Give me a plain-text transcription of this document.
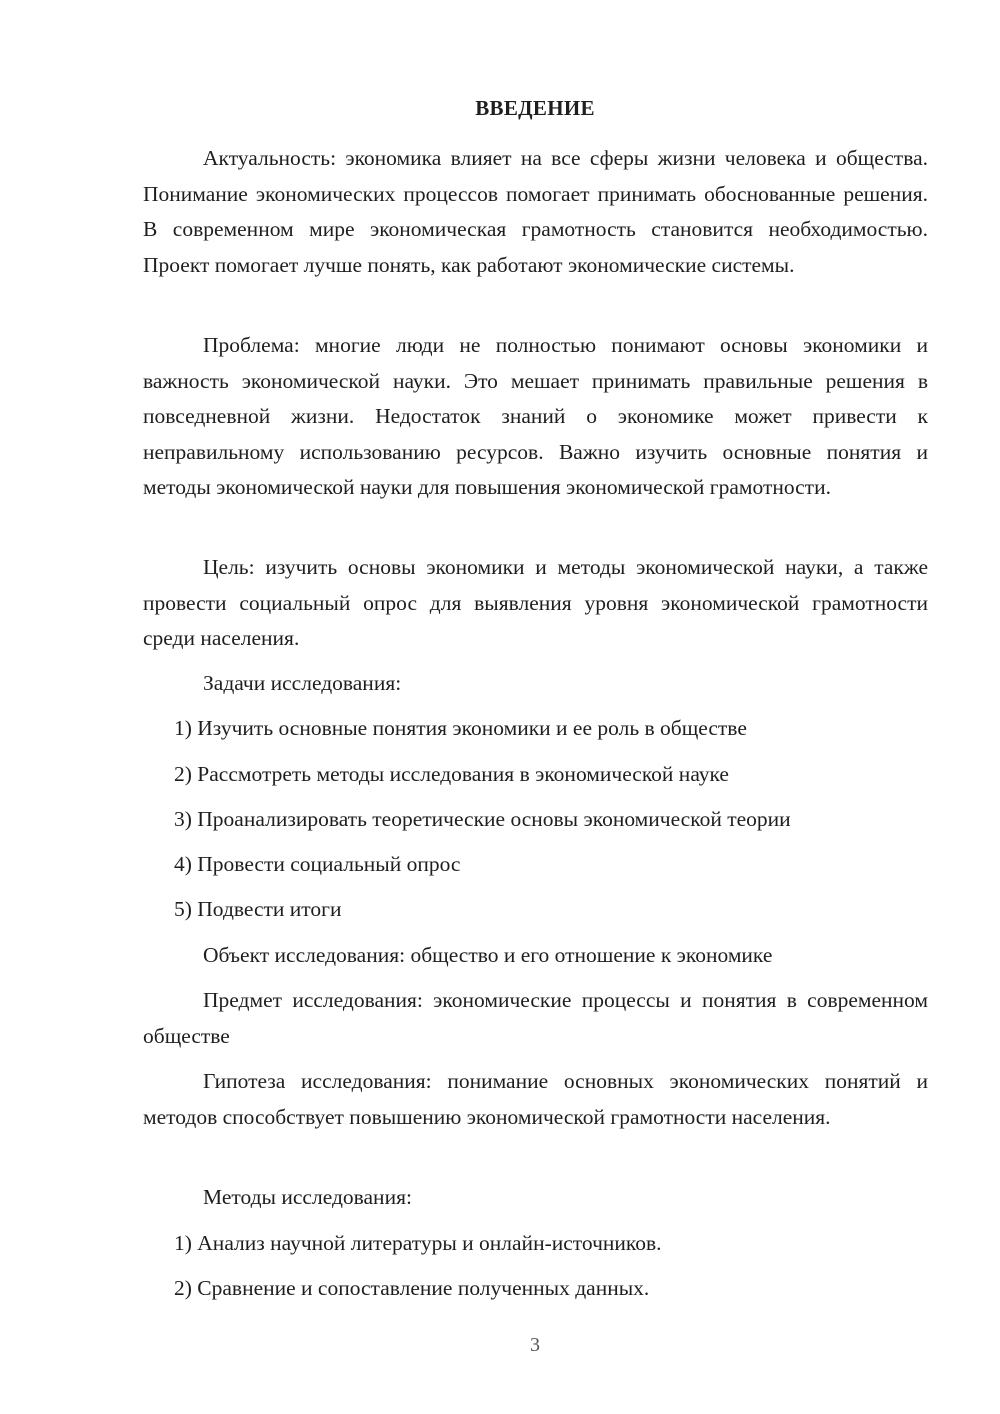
ВВЕДЕНИЕ
Актуальность: экономика влияет на все сферы жизни человека и общества. Понимание экономических процессов помогает принимать обоснованные решения. В современном мире экономическая грамотность становится необходимостью. Проект помогает лучше понять, как работают экономические системы.
Проблема: многие люди не полностью понимают основы экономики и важность экономической науки. Это мешает принимать правильные решения в повседневной жизни. Недостаток знаний о экономике может привести к неправильному использованию ресурсов. Важно изучить основные понятия и методы экономической науки для повышения экономической грамотности.
Цель: изучить основы экономики и методы экономической науки, а также провести социальный опрос для выявления уровня экономической грамотности среди населения.
Задачи исследования:
1) Изучить основные понятия экономики и ее роль в обществе
2) Рассмотреть методы исследования в экономической науке
3) Проанализировать теоретические основы экономической теории
4) Провести социальный опрос
5) Подвести итоги
Объект исследования: общество и его отношение к экономике
Предмет исследования: экономические процессы и понятия в современном обществе
Гипотеза исследования: понимание основных экономических понятий и методов способствует повышению экономической грамотности населения.
Методы исследования:
1) Анализ научной литературы и онлайн-источников.
2) Сравнение и сопоставление полученных данных.
3
